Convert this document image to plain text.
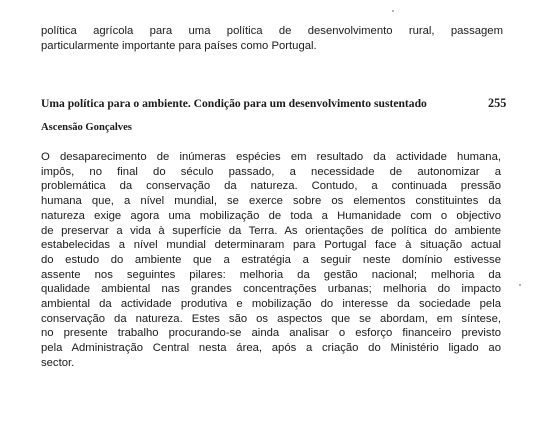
política agrícola para uma política de desenvolvimento rural, passagem
particularmente importante para países como Portugal.

Uma política para o ambiente. Condição para um desenvolvimento sustentado	255
Ascensão Gonçalves

O desaparecimento de inúmeras espécies em resultado da actividade humana,
impôs, no final do século passado, a necessidade de autonomizar a
problemática da conservação da natureza. Contudo, a continuada pressão
humana que, a nível mundial, se exerce sobre os elementos constituintes da
natureza exige agora uma mobilização de toda a Humanidade com o objectivo
de preservar a vida à superfície da Terra. As orientações de política do ambiente
estabelecidas a nível mundial determinaram para Portugal face à situação actual
do estudo do ambiente que a estratégia a seguir neste domínio estivesse
assente nos seguintes pilares: melhoria da gestão nacional; melhoria da
qualidade ambiental nas grandes concentrações urbanas; melhoria do impacto
ambiental da actividade produtiva e mobilização do interesse da sociedade pela
conservação da natureza. Estes são os aspectos que se abordam, em síntese,
no presente trabalho procurando-se ainda analisar o esforço financeiro previsto
pela Administração Central nesta área, após a criação do Ministério ligado ao
sector.
